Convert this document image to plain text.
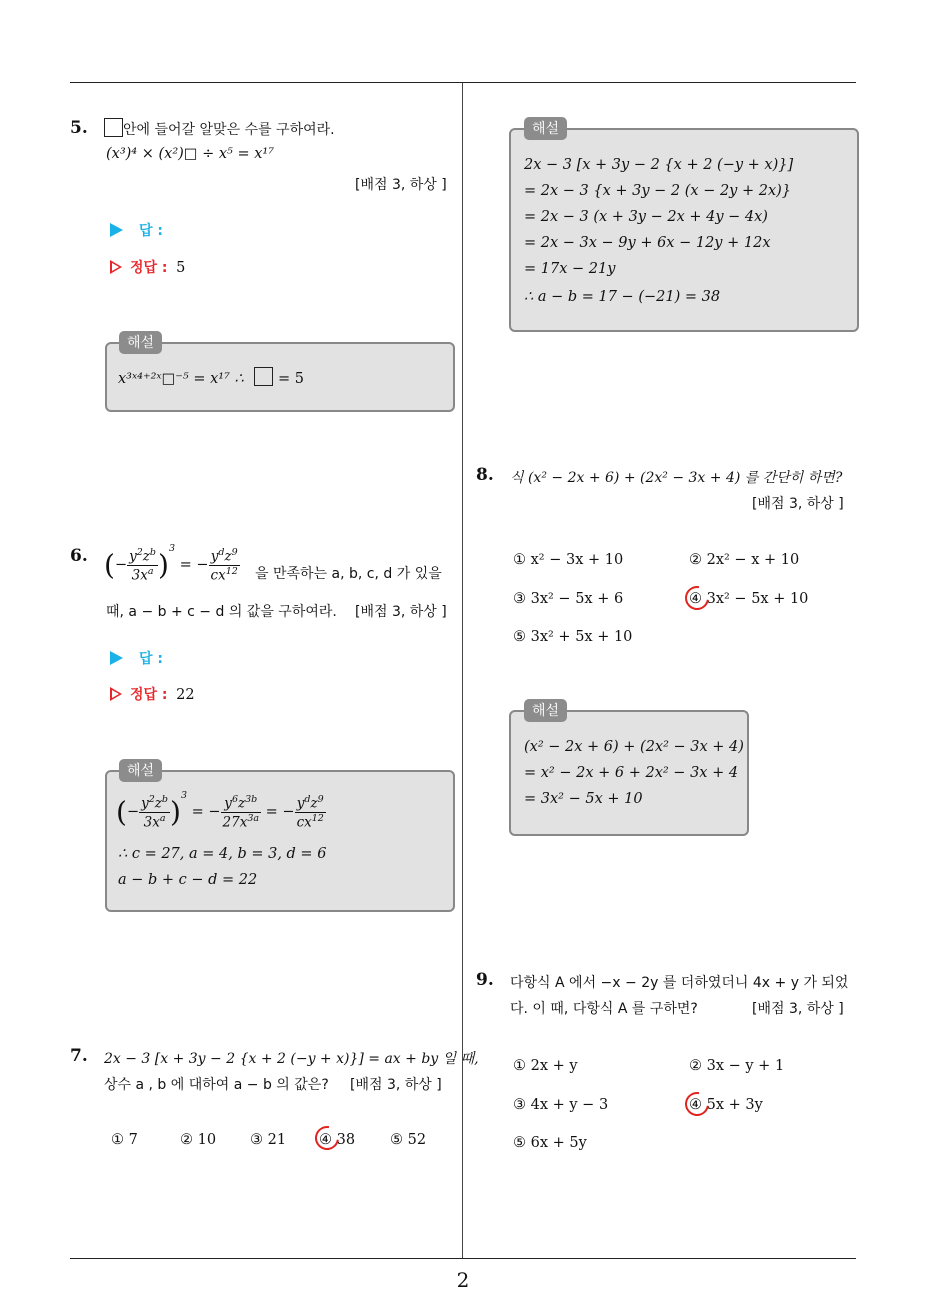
2
5.	안에 들어갈 알맞은 수를 구하여라.
(x³)⁴ × (x²)□ ÷ x⁵ = x¹⁷
[배점 3, 하상 ]
답 :
정답 : 5
해설
x³ˣ⁴⁺²ˣ□⁻⁵ = x¹⁷ ∴ = 5
6. (− $\frac{y^2z^b}{3x^a} )^3$ = − $\frac{y^dz^9}{cx^{12}}$ 을 만족하는 a, b, c, d 가 있을
때, a − b + c − d 의 값을 구하여라. [배점 3, 하상 ]
답 :
정답 : 22
해설
(− $\frac{y^2z^b}{3x^a} )^3$ = − $\frac{y^6z^{3b}}{27x^{3a}}$ = − $\frac{y^dz^9}{cx^{12}}$
∴ c = 27, a = 4, b = 3, d = 6
a − b + c − d = 22
7. 2x − 3 [x + 3y − 2 {x + 2 (−y + x)}] = ax + by 일 때,
상수 a , b 에 대하여 a − b 의 값은? [배점 3, 하상 ]
① 7	② 10 ③ 21 ④ 38 ⑤ 52
해설
2x − 3 [x + 3y − 2 {x + 2 (−y + x)}]
= 2x − 3 {x + 3y − 2 (x − 2y + 2x)}
= 2x − 3 (x + 3y − 2x + 4y − 4x)
= 2x − 3x − 9y + 6x − 12y + 12x
= 17x − 21y
∴ a − b = 17 − (−21) = 38
8. 식 (x² − 2x + 6) + (2x² − 3x + 4) 를 간단히 하면?
[배점 3, 하상 ]
① x² − 3x + 10	② 2x² − x + 10
③ 3x² − 5x + 6	④ 3x² − 5x + 10
⑤ 3x² + 5x + 10
해설
(x² − 2x + 6) + (2x² − 3x + 4)
= x² − 2x + 6 + 2x² − 3x + 4
= 3x² − 5x + 10
9. 다항식 A 에서 −x − 2y 를 더하였더니 4x + y 가 되었
다. 이 때, 다항식 A 를 구하면?	[배점 3, 하상 ]
① 2x + y	② 3x − y + 1
③ 4x + y − 3	④ 5x + 3y
⑤ 6x + 5y
